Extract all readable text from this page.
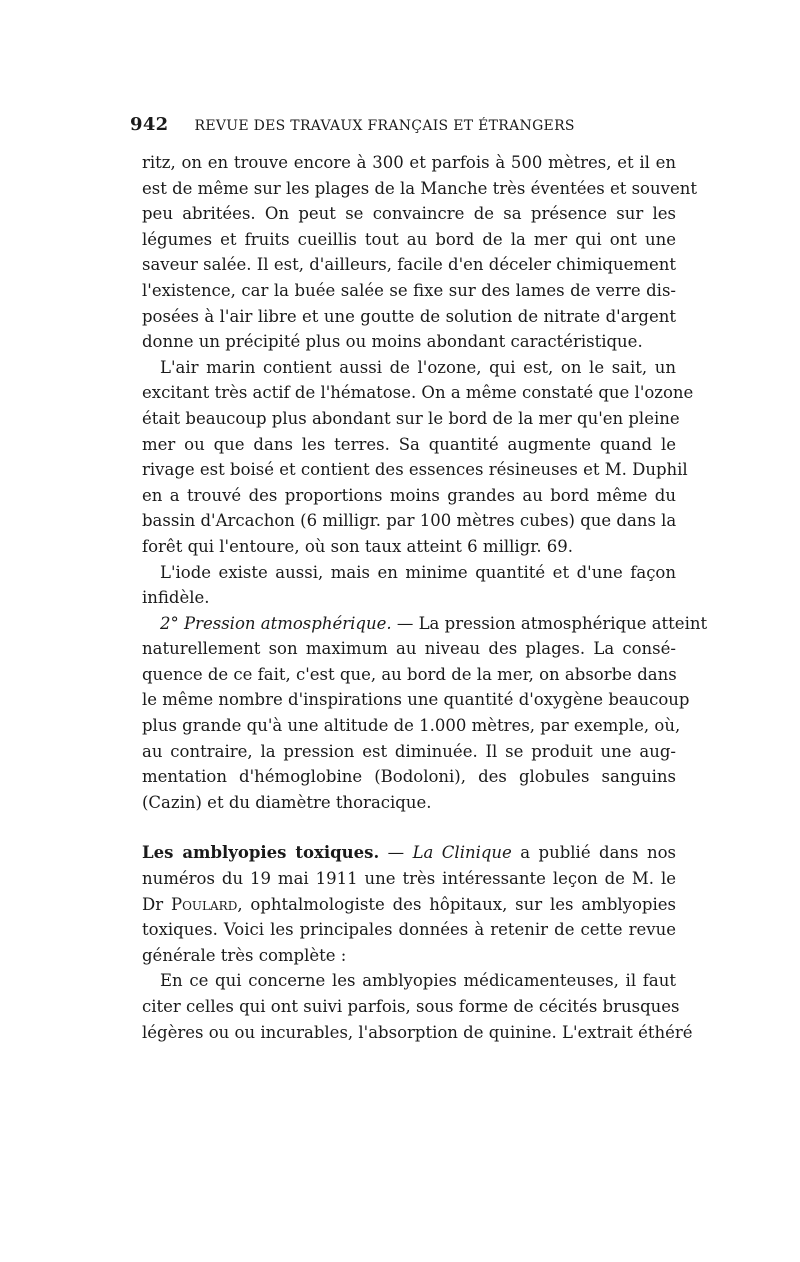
942 REVUE DES TRAVAUX FRANÇAIS ET ÉTRANGERS
ritz, on en trouve encore à 300 et parfois à 500 mètres, et il en
est de même sur les plages de la Manche très éventées et souvent
peu abritées. On peut se convaincre de sa présence sur les
légumes et fruits cueillis tout au bord de la mer qui ont une
saveur salée. Il est, d'ailleurs, facile d'en déceler chimiquement
l'existence, car la buée salée se fixe sur des lames de verre dis-
posées à l'air libre et une goutte de solution de nitrate d'argent
donne un précipité plus ou moins abondant caractéristique.
L'air marin contient aussi de l'ozone, qui est, on le sait, un
excitant très actif de l'hématose. On a même constaté que l'ozone
était beaucoup plus abondant sur le bord de la mer qu'en pleine
mer ou que dans les terres. Sa quantité augmente quand le
rivage est boisé et contient des essences résineuses et M. Duphil
en a trouvé des proportions moins grandes au bord même du
bassin d'Arcachon (6 milligr. par 100 mètres cubes) que dans la
forêt qui l'entoure, où son taux atteint 6 milligr. 69.
L'iode existe aussi, mais en minime quantité et d'une façon
infidèle.
2° Pression atmosphérique. — La pression atmosphérique atteint
naturellement son maximum au niveau des plages. La consé-
quence de ce fait, c'est que, au bord de la mer, on absorbe dans
le même nombre d'inspirations une quantité d'oxygène beaucoup
plus grande qu'à une altitude de 1.000 mètres, par exemple, où,
au contraire, la pression est diminuée. Il se produit une aug-
mentation d'hémoglobine (Bodoloni), des globules sanguins
(Cazin) et du diamètre thoracique.
Les amblyopies toxiques. — La Clinique a publié dans nos
numéros du 19 mai 1911 une très intéressante leçon de M. le
Dr Poulard, ophtalmologiste des hôpitaux, sur les amblyopies
toxiques. Voici les principales données à retenir de cette revue
générale très complète :
En ce qui concerne les amblyopies médicamenteuses, il faut
citer celles qui ont suivi parfois, sous forme de cécités brusques
légères ou ou incurables, l'absorption de quinine. L'extrait éthéré
